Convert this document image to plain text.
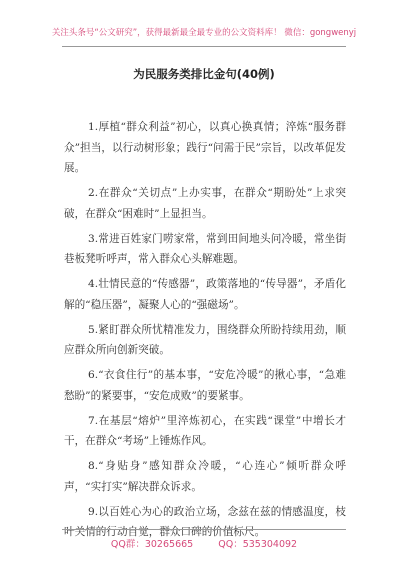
关注头条号“公文研究”，获得最新最全最专业的公文资料库！ 微信：gongwenyj
为民服务类排比金句(40例)

1.厚植“群众利益”初心，以真心换真情；淬炼“服务群众”担当，以行动树形象；践行“问需于民”宗旨，以改革促发展。

2.在群众“关切点”上办实事，在群众“期盼处”上求突破，在群众“困难时”上显担当。

3.常进百姓家门唠家常，常到田间地头问冷暖，常坐街巷板凳听呼声，常入群众心头解难题。

4.壮情民意的“传感器”，政策落地的“传导器”，矛盾化解的“稳压器”，凝聚人心的“强磁场”。

5.紧盯群众所忧精准发力，围绕群众所盼持续用劲，顺应群众所向创新突破。

6.“衣食住行”的基本事，“安危冷暖”的揪心事，“急难愁盼”的紧要事，“安危成败”的要紧事。

7.在基层“熔炉”里淬炼初心，在实践“课堂”中增长才干，在群众“考场”上锤炼作风。

8.“身贴身”感知群众冷暖，“心连心”倾听群众呼声，“实打实”解决群众诉求。

9.以百姓心为心的政治立场，念兹在兹的情感温度，枝叶关情的行动自觉，群众口碑的价值标尺。

QQ群：30265665	QQ：535304092
